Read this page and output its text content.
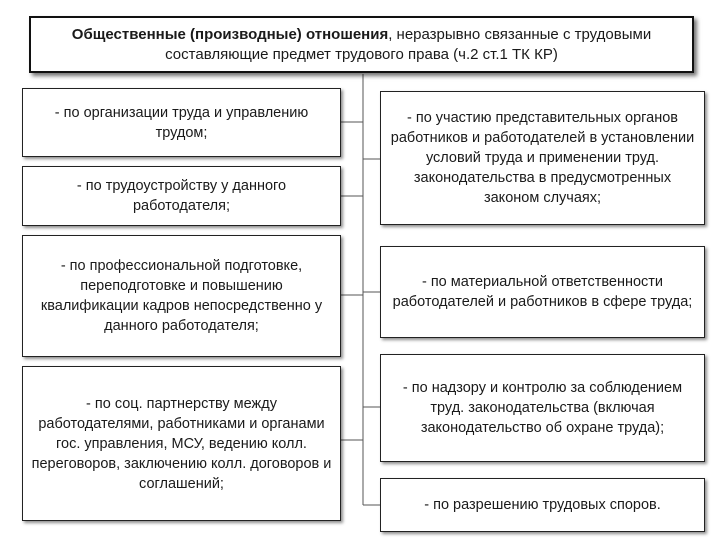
Общественные (производные) отношения, неразрывно связанные с трудовыми
составляющие предмет трудового права (ч.2 ст.1 ТК КР)
- по организации труда и управлению трудом;
- по трудоустройству у данного работодателя;
- по профессиональной подготовке, переподготовке и повышению квалификации кадров непосредственно у данного работодателя;
- по соц. партнерству между работодателями, работниками и органами гос. управления, МСУ, ведению колл. переговоров, заключению колл. договоров и соглашений;
- по участию представительных органов работников и работодателей в установлении условий труда и применении труд. законодательства в предусмотренных законом случаях;
- по материальной ответственности работодателей и работников в сфере труда;
- по надзору и контролю за соблюдением труд. законодательства (включая законодательство об охране труда);
- по разрешению трудовых споров.
